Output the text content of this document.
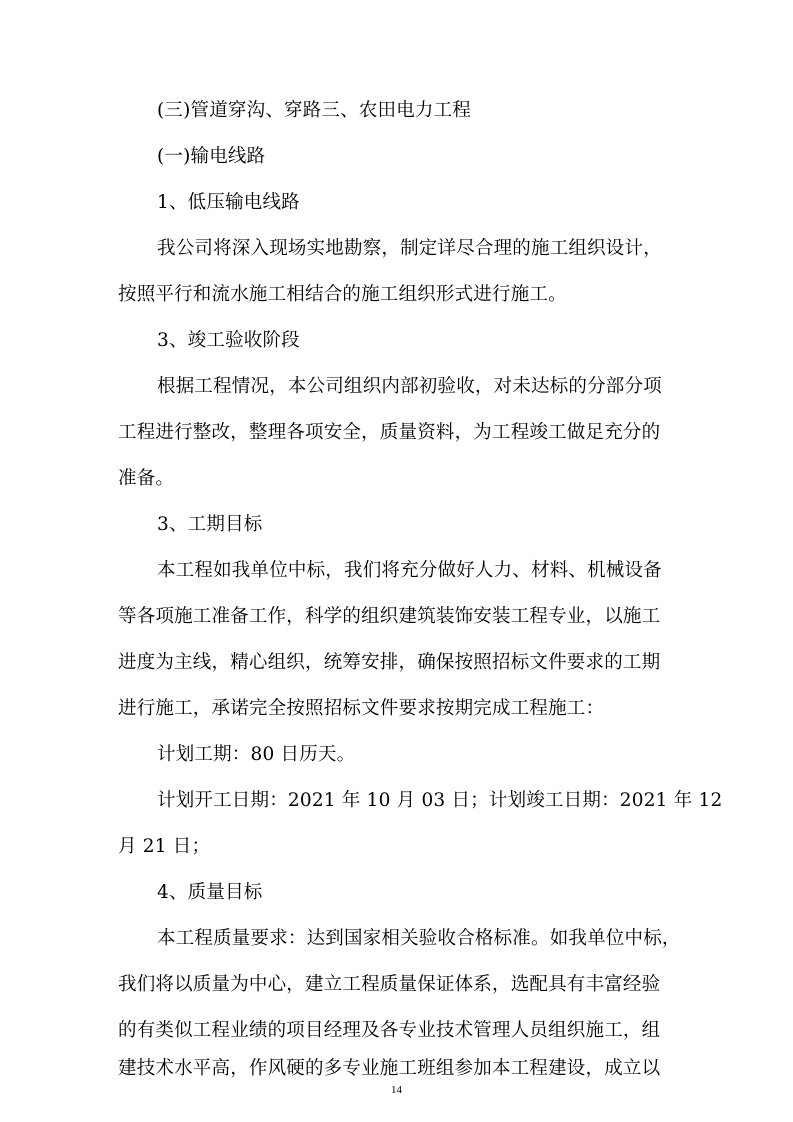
(三)管道穿沟、穿路三、农田电力工程
(一)输电线路
1、低压输电线路
我公司将深入现场实地勘察，制定详尽合理的施工组织设计，
按照平行和流水施工相结合的施工组织形式进行施工。
3、竣工验收阶段
根据工程情况，本公司组织内部初验收，对未达标的分部分项
工程进行整改，整理各项安全，质量资料，为工程竣工做足充分的
准备。
3、工期目标
本工程如我单位中标，我们将充分做好人力、材料、机械设备
等各项施工准备工作，科学的组织建筑装饰安装工程专业，以施工
进度为主线，精心组织，统筹安排，确保按照招标文件要求的工期
进行施工，承诺完全按照招标文件要求按期完成工程施工：
计划工期：80 日历天。
计划开工日期：2021 年 10 月 03 日；计划竣工日期：2021 年 12
月 21 日；
4、质量目标
本工程质量要求：达到国家相关验收合格标准。如我单位中标，
我们将以质量为中心，建立工程质量保证体系，选配具有丰富经验
的有类似工程业绩的项目经理及各专业技术管理人员组织施工，组
建技术水平高，作风硬的多专业施工班组参加本工程建设，成立以
14
